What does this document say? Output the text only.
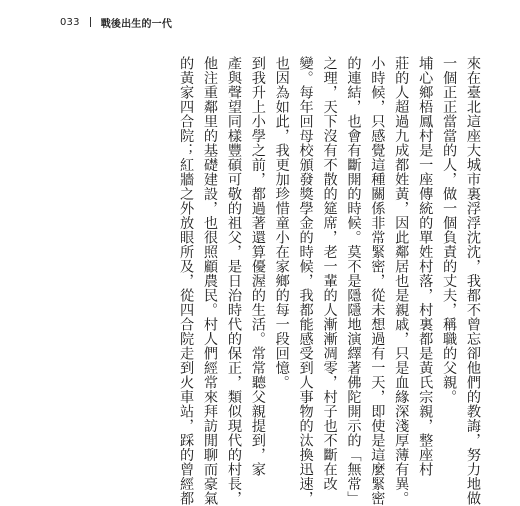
033 戰後出生的一代
來在臺北這座大城市裏浮浮沈沈，我都不曾忘卻他們的教誨，努力地做
一個正正當當的人，做一個負責的丈夫，稱職的父親。
埔心鄉梧鳳村是一座傳統的單姓村落，村裏都是黃氏宗親，整座村
莊的人超過九成都姓黃，因此鄰居也是親戚，只是血緣深淺厚薄有異。
小時候，只感覺這種關係非常緊密，從未想過有一天，即使是這麼緊密
的連結，也會有斷開的時候。莫不是隱隱地演繹著佛陀開示的「無常」
之理，天下沒有不散的筵席，老一輩的人漸漸凋零，村子也不斷在改
變。每年回母校頒發獎學金的時候，我都能感受到人事物的汰換迅速，
也因為如此，我更加珍惜童小在家鄉的每一段回憶。
到我升上小學之前，都過著還算優渥的生活。常常聽父親提到，家
產與聲望同樣豐碩可敬的祖父，是日治時代的保正，類似現代的村長，
他注重鄰里的基礎建設，也很照顧農民。村人們經常來拜訪閒聊而豪氣
的黃家四合院；紅牆之外放眼所及，從四合院走到火車站，踩的曾經都
